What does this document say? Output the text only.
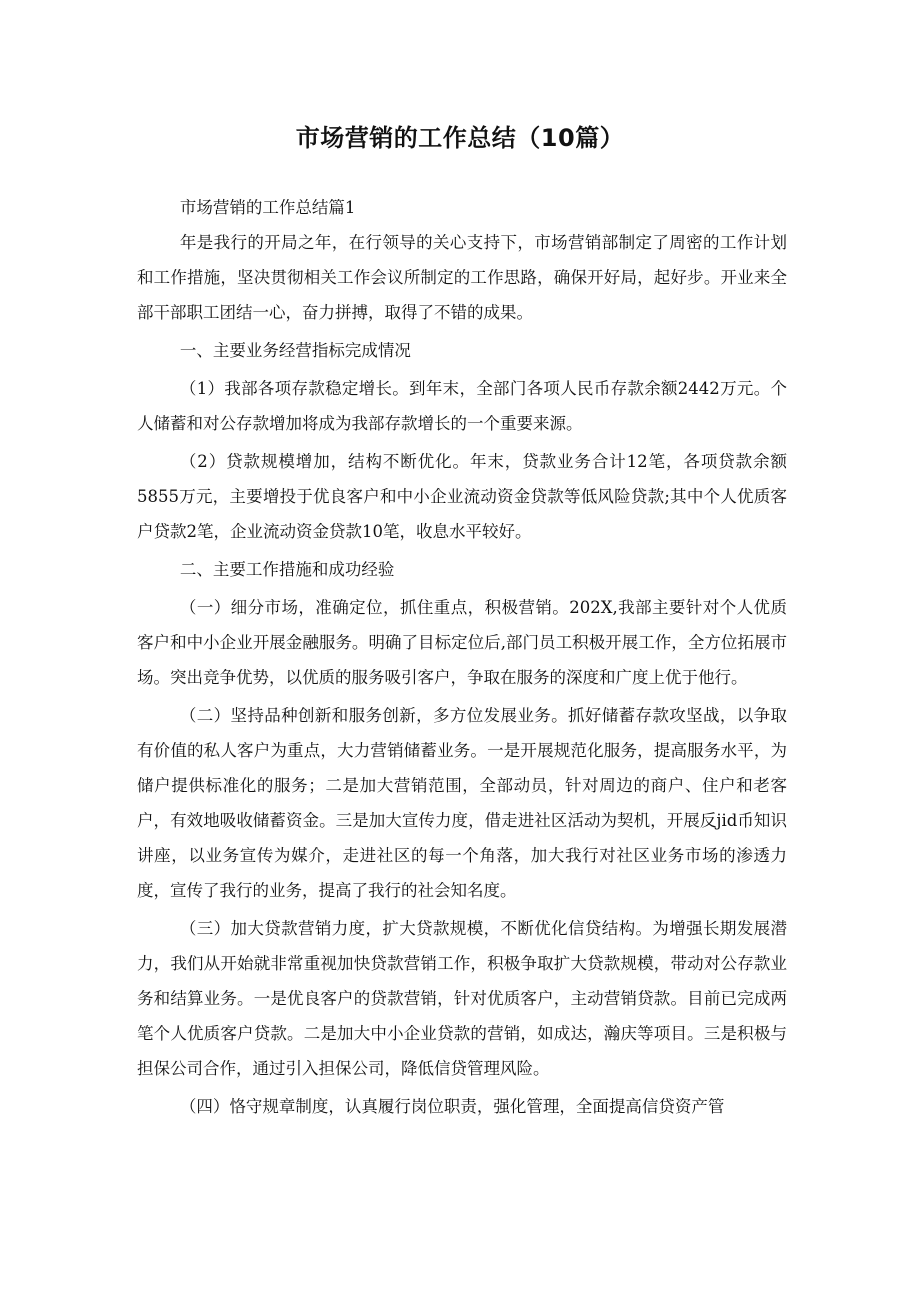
市场营销的工作总结（10篇）

市场营销的工作总结篇1

年是我行的开局之年，在行领导的关心支持下，市场营销部制定了周密的工作计划和工作措施，坚决贯彻相关工作会议所制定的工作思路，确保开好局，起好步。开业来全部干部职工团结一心，奋力拼搏，取得了不错的成果。

一、主要业务经营指标完成情况

（1）我部各项存款稳定增长。到年末，全部门各项人民币存款余额2442万元。个人储蓄和对公存款增加将成为我部存款增长的一个重要来源。

（2）贷款规模增加，结构不断优化。年末，贷款业务合计12笔，各项贷款余额5855万元，主要增投于优良客户和中小企业流动资金贷款等低风险贷款;其中个人优质客户贷款2笔，企业流动资金贷款10笔，收息水平较好。

二、主要工作措施和成功经验

（一）细分市场，准确定位，抓住重点，积极营销。202X,我部主要针对个人优质客户和中小企业开展金融服务。明确了目标定位后,部门员工积极开展工作，全方位拓展市场。突出竞争优势，以优质的服务吸引客户，争取在服务的深度和广度上优于他行。

（二）坚持品种创新和服务创新，多方位发展业务。抓好储蓄存款攻坚战，以争取有价值的私人客户为重点，大力营销储蓄业务。一是开展规范化服务，提高服务水平，为储户提供标准化的服务；二是加大营销范围，全部动员，针对周边的商户、住户和老客户，有效地吸收储蓄资金。三是加大宣传力度，借走进社区活动为契机，开展反jid币知识讲座，以业务宣传为媒介，走进社区的每一个角落，加大我行对社区业务市场的渗透力度，宣传了我行的业务，提高了我行的社会知名度。

（三）加大贷款营销力度，扩大贷款规模，不断优化信贷结构。为增强长期发展潜力，我们从开始就非常重视加快贷款营销工作，积极争取扩大贷款规模，带动对公存款业务和结算业务。一是优良客户的贷款营销，针对优质客户，主动营销贷款。目前已完成两笔个人优质客户贷款。二是加大中小企业贷款的营销，如成达，瀚庆等项目。三是积极与担保公司合作，通过引入担保公司，降低信贷管理风险。

（四）恪守规章制度，认真履行岗位职责，强化管理，全面提高信贷资产管
